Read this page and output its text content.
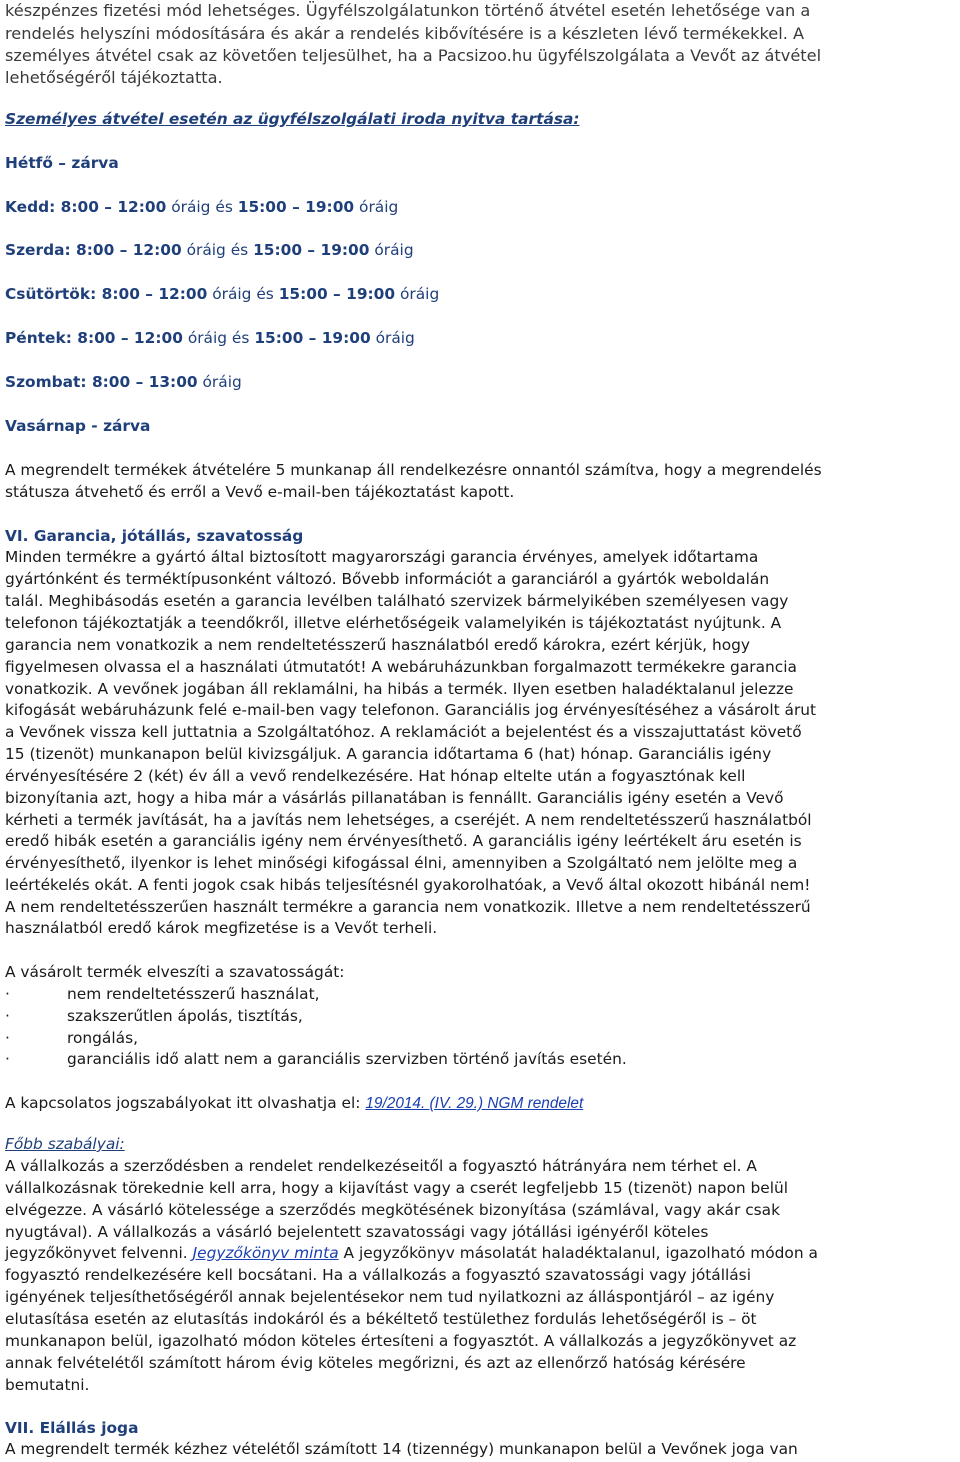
készpénzes fizetési mód lehetséges. Ügyfélszolgálatunkon történő átvétel esetén lehetősége van a
rendelés helyszíni módosítására és akár a rendelés kibővítésére is a készleten lévő termékekkel. A
személyes átvétel csak az követően teljesülhet, ha a Pacsizoo.hu ügyfélszolgálata a Vevőt az átvétel
lehetőségéről tájékoztatta.
Személyes átvétel esetén az ügyfélszolgálati iroda nyitva tartása:
Hétfő – zárva
Kedd: 8:00 – 12:00 óráig és 15:00 – 19:00 óráig
Szerda: 8:00 – 12:00 óráig és 15:00 – 19:00 óráig
Csütörtök: 8:00 – 12:00 óráig és 15:00 – 19:00 óráig
Péntek: 8:00 – 12:00 óráig és 15:00 – 19:00 óráig
Szombat: 8:00 – 13:00 óráig
Vasárnap - zárva
A megrendelt termékek átvételére 5 munkanap áll rendelkezésre onnantól számítva, hogy a megrendelés
státusza átvehető és erről a Vevő e-mail-ben tájékoztatást kapott.
VI. Garancia, jótállás, szavatosság
Minden termékre a gyártó által biztosított magyarországi garancia érvényes, amelyek időtartama
gyártónként és terméktípusonként változó. Bővebb információt a garanciáról a gyártók weboldalán
talál. Meghibásodás esetén a garancia levélben található szervizek bármelyikében személyesen vagy
telefonon tájékoztatják a teendőkről, illetve elérhetőségeik valamelyikén is tájékoztatást nyújtunk. A
garancia nem vonatkozik a nem rendeltetésszerű használatból eredő károkra, ezért kérjük, hogy
figyelmesen olvassa el a használati útmutatót! A webáruházunkban forgalmazott termékekre garancia
vonatkozik. A vevőnek jogában áll reklamálni, ha hibás a termék. Ilyen esetben haladéktalanul jelezze
kifogását webáruházunk felé e-mail-ben vagy telefonon. Garanciális jog érvényesítéséhez a vásárolt árut
a Vevőnek vissza kell juttatnia a Szolgáltatóhoz. A reklamációt a bejelentést és a visszajuttatást követő
15 (tizenöt) munkanapon belül kivizsgáljuk. A garancia időtartama 6 (hat) hónap. Garanciális igény
érvényesítésére 2 (két) év áll a vevő rendelkezésére. Hat hónap eltelte után a fogyasztónak kell
bizonyítania azt, hogy a hiba már a vásárlás pillanatában is fennállt. Garanciális igény esetén a Vevő
kérheti a termék javítását, ha a javítás nem lehetséges, a cseréjét. A nem rendeltetésszerű használatból
eredő hibák esetén a garanciális igény nem érvényesíthető. A garanciális igény leértékelt áru esetén is
érvényesíthető, ilyenkor is lehet minőségi kifogással élni, amennyiben a Szolgáltató nem jelölte meg a
leértékelés okát. A fenti jogok csak hibás teljesítésnél gyakorolhatóak, a Vevő által okozott hibánál nem!
A nem rendeltetésszerűen használt termékre a garancia nem vonatkozik. Illetve a nem rendeltetésszerű
használatból eredő károk megfizetése is a Vevőt terheli.
A vásárolt termék elveszíti a szavatosságát:
·	nem rendeltetésszerű használat,
·	szakszerűtlen ápolás, tisztítás,
·	rongálás,
·	garanciális idő alatt nem a garanciális szervizben történő javítás esetén.
A kapcsolatos jogszabályokat itt olvashatja el: 19/2014. (IV. 29.) NGM rendelet
Főbb szabályai:
A vállalkozás a szerződésben a rendelet rendelkezéseitől a fogyasztó hátrányára nem térhet el. A
vállalkozásnak törekednie kell arra, hogy a kijavítást vagy a cserét legfeljebb 15 (tizenöt) napon belül
elvégezze. A vásárló kötelessége a szerződés megkötésének bizonyítása (számlával, vagy akár csak
nyugtával). A vállalkozás a vásárló bejelentett szavatossági vagy jótállási igényéről köteles
jegyzőkönyvet felvenni. Jegyzőkönyv minta A jegyzőkönyv másolatát haladéktalanul, igazolható módon a
fogyasztó rendelkezésére kell bocsátani. Ha a vállalkozás a fogyasztó szavatossági vagy jótállási
igényének teljesíthetőségéről annak bejelentésekor nem tud nyilatkozni az álláspontjáról – az igény
elutasítása esetén az elutasítás indokáról és a békéltető testülethez fordulás lehetőségéről is – öt
munkanapon belül, igazolható módon köteles értesíteni a fogyasztót. A vállalkozás a jegyzőkönyvet az
annak felvételétől számított három évig köteles megőrizni, és azt az ellenőrző hatóság kérésére
bemutatni.
VII. Elállás joga
A megrendelt termék kézhez vételétől számított 14 (tizennégy) munkanapon belül a Vevőnek joga van
